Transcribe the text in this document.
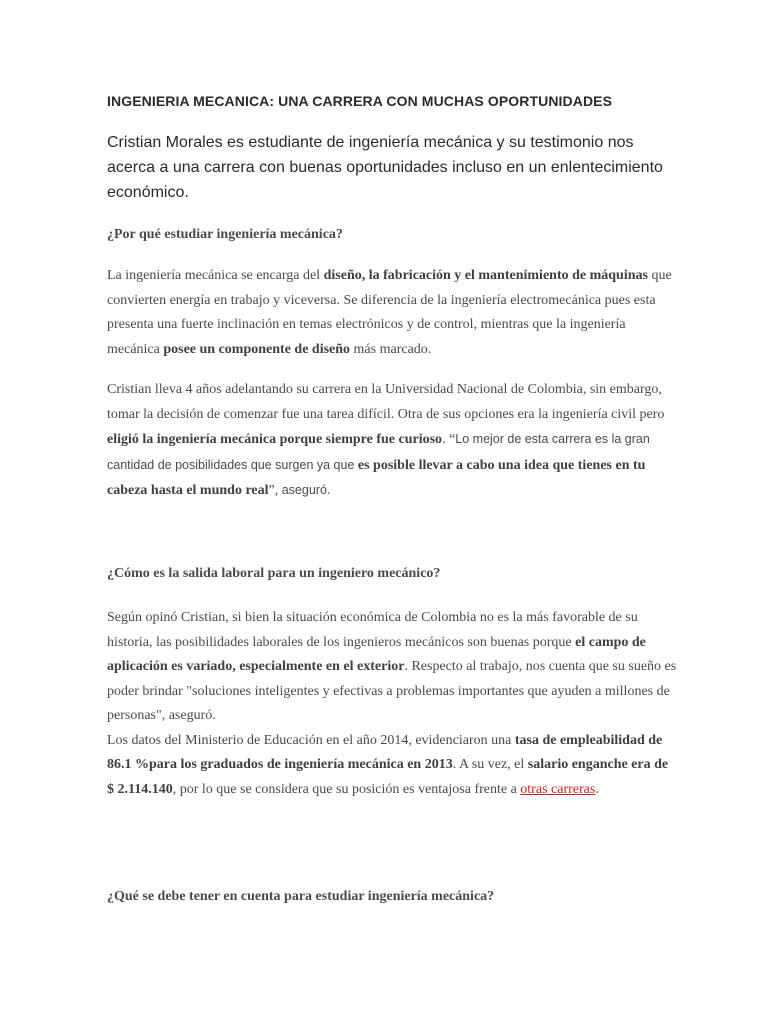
INGENIERIA MECANICA: UNA CARRERA CON MUCHAS OPORTUNIDADES

Cristian Morales es estudiante de ingeniería mecánica y su testimonio nos acerca a una carrera con buenas oportunidades incluso en un enlentecimiento económico.

¿Por qué estudiar ingeniería mecánica?

La ingeniería mecánica se encarga del diseño, la fabricación y el mantenimiento de máquinas que convierten energía en trabajo y viceversa. Se diferencia de la ingeniería electromecánica pues esta presenta una fuerte inclinación en temas electrónicos y de control, mientras que la ingeniería mecánica posee un componente de diseño más marcado.

Cristian lleva 4 años adelantando su carrera en la Universidad Nacional de Colombia, sin embargo, tomar la decisión de comenzar fue una tarea difícil. Otra de sus opciones era la ingeniería civil pero eligió la ingeniería mecánica porque siempre fue curioso. “Lo mejor de esta carrera es la gran cantidad de posibilidades que surgen ya que es posible llevar a cabo una idea que tienes en tu cabeza hasta el mundo real”, aseguró.

¿Cómo es la salida laboral para un ingeniero mecánico?

Según opinó Cristian, si bien la situación económica de Colombia no es la más favorable de su historia, las posibilidades laborales de los ingenieros mecánicos son buenas porque el campo de aplicación es variado, especialmente en el exterior. Respecto al trabajo, nos cuenta que su sueño es poder brindar "soluciones inteligentes y efectivas a problemas importantes que ayuden a millones de personas", aseguró.
Los datos del Ministerio de Educación en el año 2014, evidenciaron una tasa de empleabilidad de 86.1 %para los graduados de ingeniería mecánica en 2013. A su vez, el salario enganche era de $ 2.114.140, por lo que se considera que su posición es ventajosa frente a otras carreras.

¿Qué se debe tener en cuenta para estudiar ingeniería mecánica?
